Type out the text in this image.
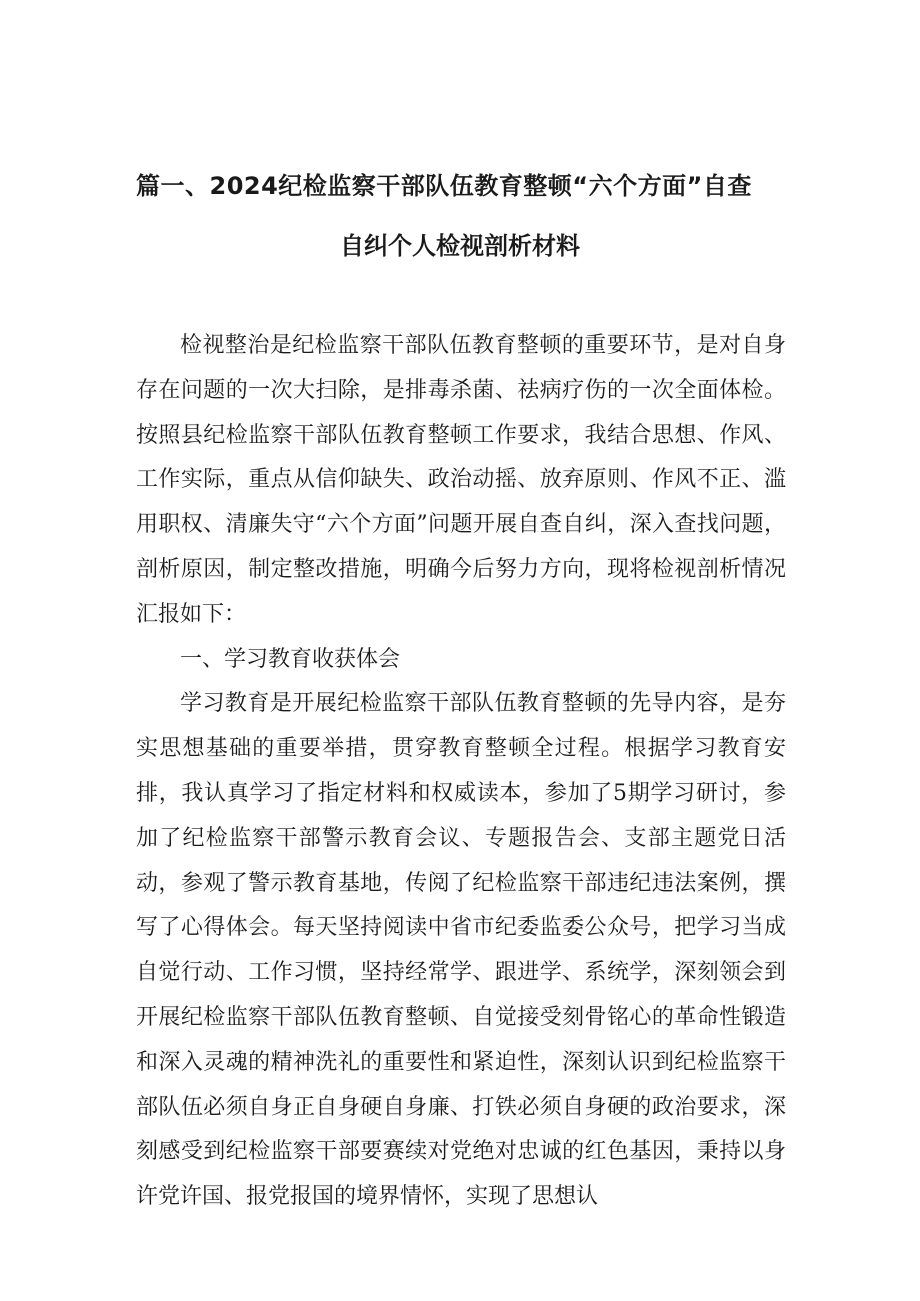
篇一、2024纪检监察干部队伍教育整顿“六个方面”自查
自纠个人检视剖析材料

检视整治是纪检监察干部队伍教育整顿的重要环节，是对自身存在问题的一次大扫除，是排毒杀菌、祛病疗伤的一次全面体检。按照县纪检监察干部队伍教育整顿工作要求，我结合思想、作风、工作实际，重点从信仰缺失、政治动摇、放弃原则、作风不正、滥用职权、清廉失守“六个方面”问题开展自查自纠，深入查找问题，剖析原因，制定整改措施，明确今后努力方向，现将检视剖析情况汇报如下：

一、学习教育收获体会

学习教育是开展纪检监察干部队伍教育整顿的先导内容，是夯实思想基础的重要举措，贯穿教育整顿全过程。根据学习教育安排，我认真学习了指定材料和权威读本，参加了5期学习研讨，参加了纪检监察干部警示教育会议、专题报告会、支部主题党日活动，参观了警示教育基地，传阅了纪检监察干部违纪违法案例，撰写了心得体会。每天坚持阅读中省市纪委监委公众号，把学习当成自觉行动、工作习惯，坚持经常学、跟进学、系统学，深刻领会到开展纪检监察干部队伍教育整顿、自觉接受刻骨铭心的革命性锻造和深入灵魂的精神洗礼的重要性和紧迫性，深刻认识到纪检监察干部队伍必须自身正自身硬自身廉、打铁必须自身硬的政治要求，深刻感受到纪检监察干部要赛续对党绝对忠诚的红色基因，秉持以身许党许国、报党报国的境界情怀，实现了思想认
